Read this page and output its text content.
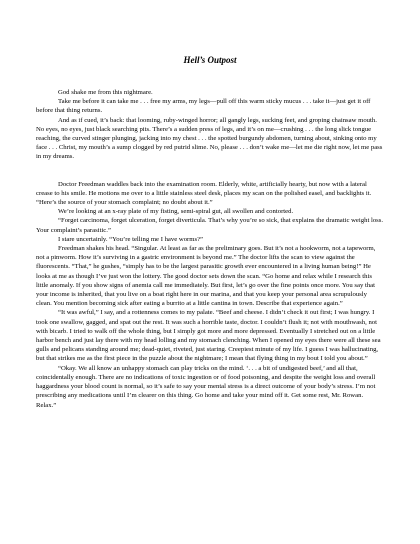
Hell’s Outpost

God shake me from this nightmare.

Take me before it can take me . . . free my arms, my legs—pull off this warm sticky mucus . . . take it—just get it off before that thing returns.

And as if cued, it’s back: that looming, ruby-winged horror; all gangly legs, sucking feet, and groping chainsaw mouth. No eyes, no eyes, just black searching pits. There’s a sudden press of legs, and it’s on me—crushing . . . the long slick tongue reaching, the curved stinger plunging, jacking into my chest . . . the spotted burgundy abdomen, turning about, sinking onto my face . . . Christ, my mouth’s a sump clogged by red putrid slime. No, please . . . don’t wake me—let me die right now, let me pass in my dreams.

Doctor Freedman waddles back into the examination room. Elderly, white, artificially hearty, but now with a lateral crease to his smile. He motions me over to a little stainless steel desk, places my scan on the polished easel, and backlights it. “Here’s the source of your stomach complaint; no doubt about it.”

We’re looking at an x-ray plate of my fisting, semi-spiral gut, all swollen and contorted.

“Forget carcinoma, forget ulceration, forget diverticula. That’s why you’re so sick, that explains the dramatic weight loss. Your complaint’s parasitic.”

I stare uncertainly. “You’re telling me I have worms?”

Freedman shakes his head. “Singular. At least as far as the preliminary goes. But it’s not a hookworm, not a tapeworm, not a pinworm. How it’s surviving in a gastric environment is beyond me.” The doctor lifts the scan to view against the fluorescents. “That,” he gushes, “simply has to be the largest parasitic growth ever encountered in a living human being!” He looks at me as though I’ve just won the lottery. The good doctor sets down the scan. “Go home and relax while I research this little anomaly. If you show signs of anemia call me immediately. But first, let’s go over the fine points once more. You say that your income is inherited, that you live on a boat right here in our marina, and that you keep your personal area scrupulously clean. You mention becoming sick after eating a burrito at a little cantina in town. Describe that experience again.”

“It was awful,” I say, and a rottenness comes to my palate. “Beef and cheese. I didn’t check it out first; I was hungry. I took one swallow, gagged, and spat out the rest. It was such a horrible taste, doctor. I couldn’t flush it; not with mouthwash, not with bicarb. I tried to walk off the whole thing, but I simply got more and more depressed. Eventually I stretched out on a little harbor bench and just lay there with my head lolling and my stomach clenching. When I opened my eyes there were all these sea gulls and pelicans standing around me; dead-quiet, riveted, just staring. Creepiest minute of my life. I guess I was hallucinating, but that strikes me as the first piece in the puzzle about the nightmare; I mean that flying thing in my bout I told you about.”

“Okay. We all know an unhappy stomach can play tricks on the mind. ‘. . . a bit of undigested beef,’ and all that, coincidentally enough. There are no indications of toxic ingestion or of food poisoning, and despite the weight loss and overall haggardness your blood count is normal, so it’s safe to say your mental stress is a direct outcome of your body’s stress. I’m not prescribing any medications until I’m clearer on this thing. Go home and take your mind off it. Get some rest, Mr. Rowan. Relax.”
